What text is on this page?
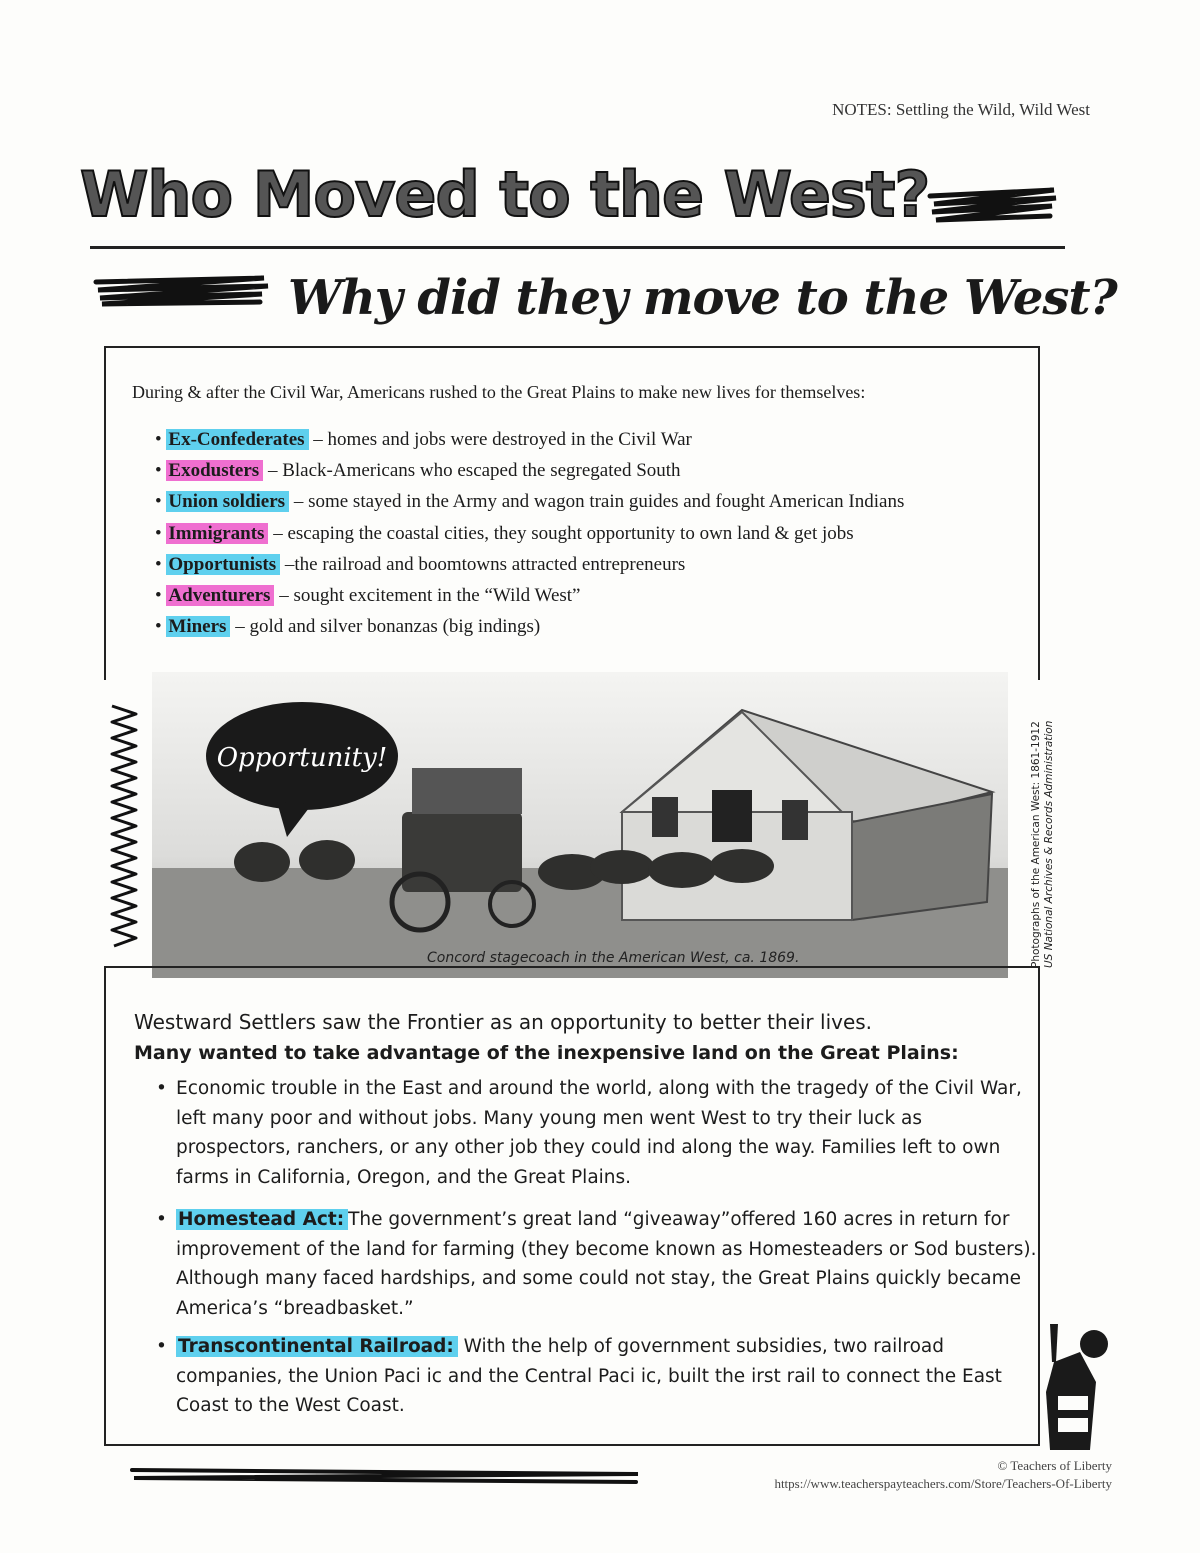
NOTES: Settling the Wild, Wild West
Who Moved to the West?
Why did they move to the West?
During & after the Civil War, Americans rushed to the Great Plains to make new lives for themselves:
• Ex-Confederates – homes and jobs were destroyed in the Civil War
• Exodusters – Black-Americans who escaped the segregated South
• Union soldiers – some stayed in the Army and wagon train guides and fought American Indians
• Immigrants – escaping the coastal cities, they sought opportunity to own land & get jobs
• Opportunists –the railroad and boomtowns attracted entrepreneurs
• Adventurers – sought excitement in the “Wild West”
• Miners – gold and silver bonanzas (big indings)
Opportunity!
Concord stagecoach in the American West, ca. 1869.	Photographs of the American West: 1861-1912 US National Archives & Records Administration
Westward Settlers saw the Frontier as an opportunity to better their lives.
Many wanted to take advantage of the inexpensive land on the Great Plains:
• Economic trouble in the East and around the world, along with the tragedy of the Civil War, left many poor and without jobs. Many young men went West to try their luck as prospectors, ranchers, or any other job they could ind along the way. Families left to own farms in California, Oregon, and the Great Plains.
• Homestead Act: The government’s great land “giveaway”offered 160 acres in return for improvement of the land for farming (they become known as Homesteaders or Sod busters). Although many faced hardships, and some could not stay, the Great Plains quickly became America’s “breadbasket.”
• Transcontinental Railroad: With the help of government subsidies, two railroad companies, the Union Paci ic and the Central Paci ic, built the irst rail to connect the East Coast to the West Coast.
© Teachers of Liberty
https://www.teacherspayteachers.com/Store/Teachers-Of-Liberty
